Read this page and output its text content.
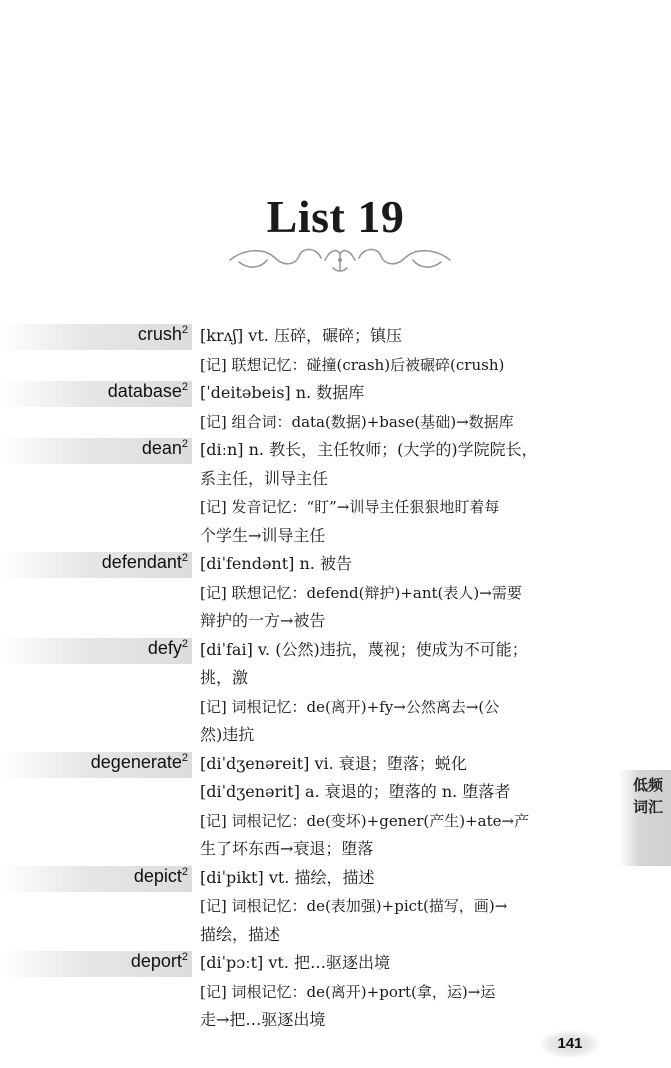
List 19
crush$^2$ [krʌʃ] vt. 压碎，碾碎；镇压
[记] 联想记忆：碰撞(crash)后被碾碎(crush)
database$^2$ [ˈdeitəbeis] n. 数据库
[记] 组合词：data(数据)+base(基础)→数据库
dean$^2$ [diːn] n. 教长，主任牧师；(大学的)学院院长，
系主任，训导主任
[记] 发音记忆：“盯”→训导主任狠狠地盯着每
个学生→训导主任
defendant$^2$ [diˈfendənt] n. 被告
[记] 联想记忆：defend(辩护)+ant(表人)→需要
辩护的一方→被告
defy$^2$ [diˈfai] v. (公然)违抗，蔑视；使成为不可能；
挑，激
[记] 词根记忆：de(离开)+fy→公然离去→(公
然)违抗
degenerate$^2$ [diˈdʒenəreit] vi. 衰退；堕落；蜕化
[diˈdʒenərit] a. 衰退的；堕落的 n. 堕落者
[记] 词根记忆：de(变坏)+gener(产生)+ate→产
生了坏东西→衰退；堕落
depict$^2$ [diˈpikt] vt. 描绘，描述
[记] 词根记忆：de(表加强)+pict(描写，画)→
描绘，描述
deport$^2$ [diˈpɔːt] vt. 把…驱逐出境
[记] 词根记忆：de(离开)+port(拿，运)→运
走→把…驱逐出境
低频词汇
141
